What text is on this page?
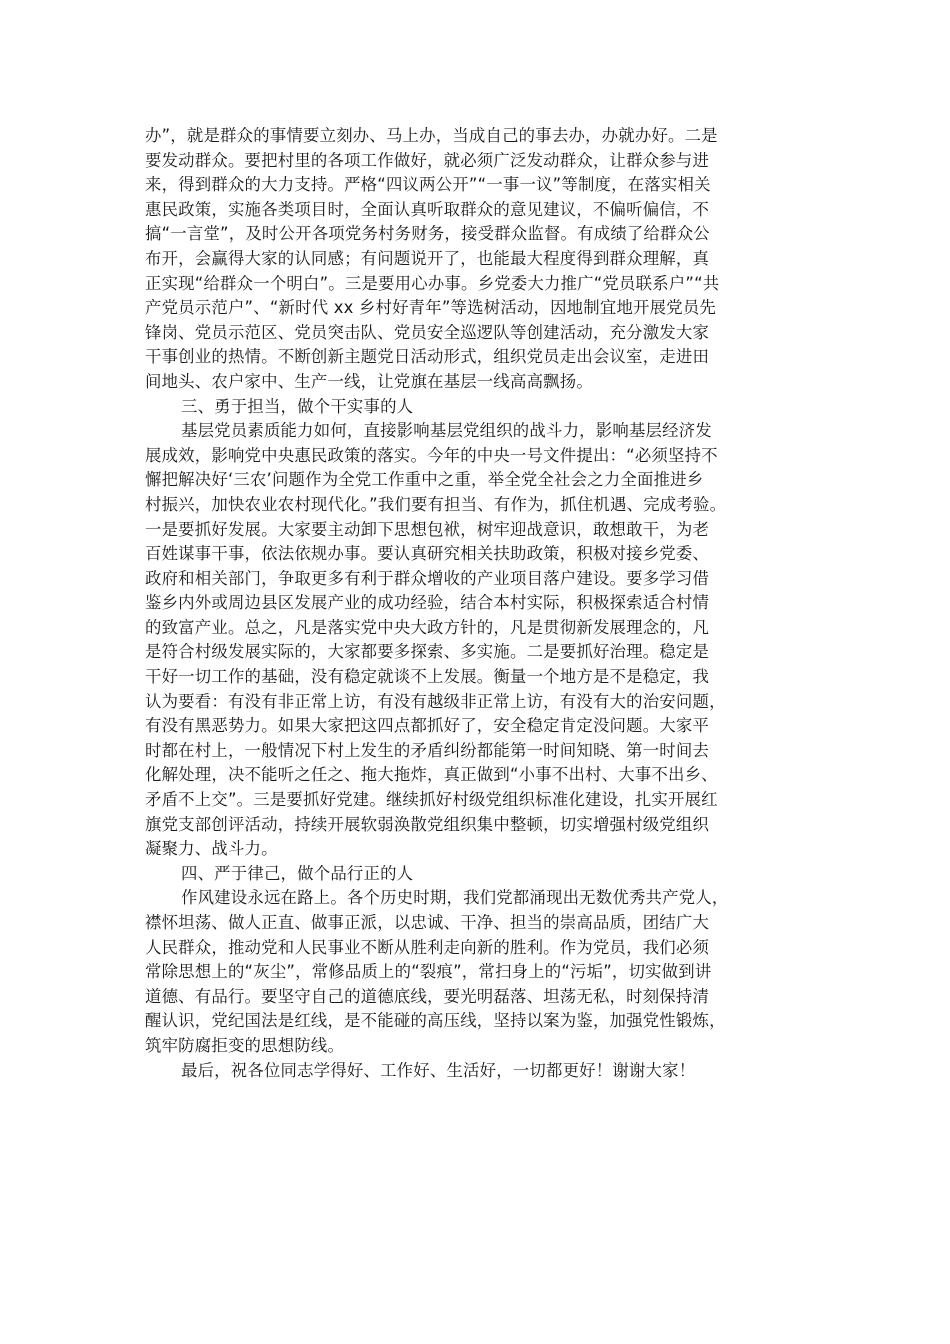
办”，就是群众的事情要立刻办、马上办，当成自己的事去办，办就办好。二是
要发动群众。要把村里的各项工作做好，就必须广泛发动群众，让群众参与进
来，得到群众的大力支持。严格“四议两公开”“一事一议”等制度，在落实相关
惠民政策，实施各类项目时，全面认真听取群众的意见建议，不偏听偏信，不
搞“一言堂”，及时公开各项党务村务财务，接受群众监督。有成绩了给群众公
布开，会赢得大家的认同感；有问题说开了，也能最大程度得到群众理解，真
正实现“给群众一个明白”。三是要用心办事。乡党委大力推广“党员联系户”“共
产党员示范户”、“新时代 xx 乡村好青年”等选树活动，因地制宜地开展党员先
锋岗、党员示范区、党员突击队、党员安全巡逻队等创建活动，充分激发大家
干事创业的热情。不断创新主题党日活动形式，组织党员走出会议室，走进田
间地头、农户家中、生产一线，让党旗在基层一线高高飘扬。
三、勇于担当，做个干实事的人
基层党员素质能力如何，直接影响基层党组织的战斗力，影响基层经济发
展成效，影响党中央惠民政策的落实。今年的中央一号文件提出：“必须坚持不
懈把解决好‘三农’问题作为全党工作重中之重，举全党全社会之力全面推进乡
村振兴，加快农业农村现代化。”我们要有担当、有作为，抓住机遇、完成考验。
一是要抓好发展。大家要主动卸下思想包袱，树牢迎战意识，敢想敢干，为老
百姓谋事干事，依法依规办事。要认真研究相关扶助政策，积极对接乡党委、
政府和相关部门，争取更多有利于群众增收的产业项目落户建设。要多学习借
鉴乡内外或周边县区发展产业的成功经验，结合本村实际，积极探索适合村情
的致富产业。总之，凡是落实党中央大政方针的，凡是贯彻新发展理念的，凡
是符合村级发展实际的，大家都要多探索、多实施。二是要抓好治理。稳定是
干好一切工作的基础，没有稳定就谈不上发展。衡量一个地方是不是稳定，我
认为要看：有没有非正常上访，有没有越级非正常上访，有没有大的治安问题，
有没有黑恶势力。如果大家把这四点都抓好了，安全稳定肯定没问题。大家平
时都在村上，一般情况下村上发生的矛盾纠纷都能第一时间知晓、第一时间去
化解处理，决不能听之任之、拖大拖炸，真正做到“小事不出村、大事不出乡、
矛盾不上交”。三是要抓好党建。继续抓好村级党组织标准化建设，扎实开展红
旗党支部创评活动，持续开展软弱涣散党组织集中整顿，切实增强村级党组织
凝聚力、战斗力。
四、严于律己，做个品行正的人
作风建设永远在路上。各个历史时期，我们党都涌现出无数优秀共产党人，
襟怀坦荡、做人正直、做事正派，以忠诚、干净、担当的崇高品质，团结广大
人民群众，推动党和人民事业不断从胜利走向新的胜利。作为党员，我们必须
常除思想上的“灰尘”，常修品质上的“裂痕”，常扫身上的“污垢”，切实做到讲
道德、有品行。要坚守自己的道德底线，要光明磊落、坦荡无私，时刻保持清
醒认识，党纪国法是红线，是不能碰的高压线，坚持以案为鉴，加强党性锻炼，
筑牢防腐拒变的思想防线。
最后，祝各位同志学得好、工作好、生活好，一切都更好！谢谢大家！
